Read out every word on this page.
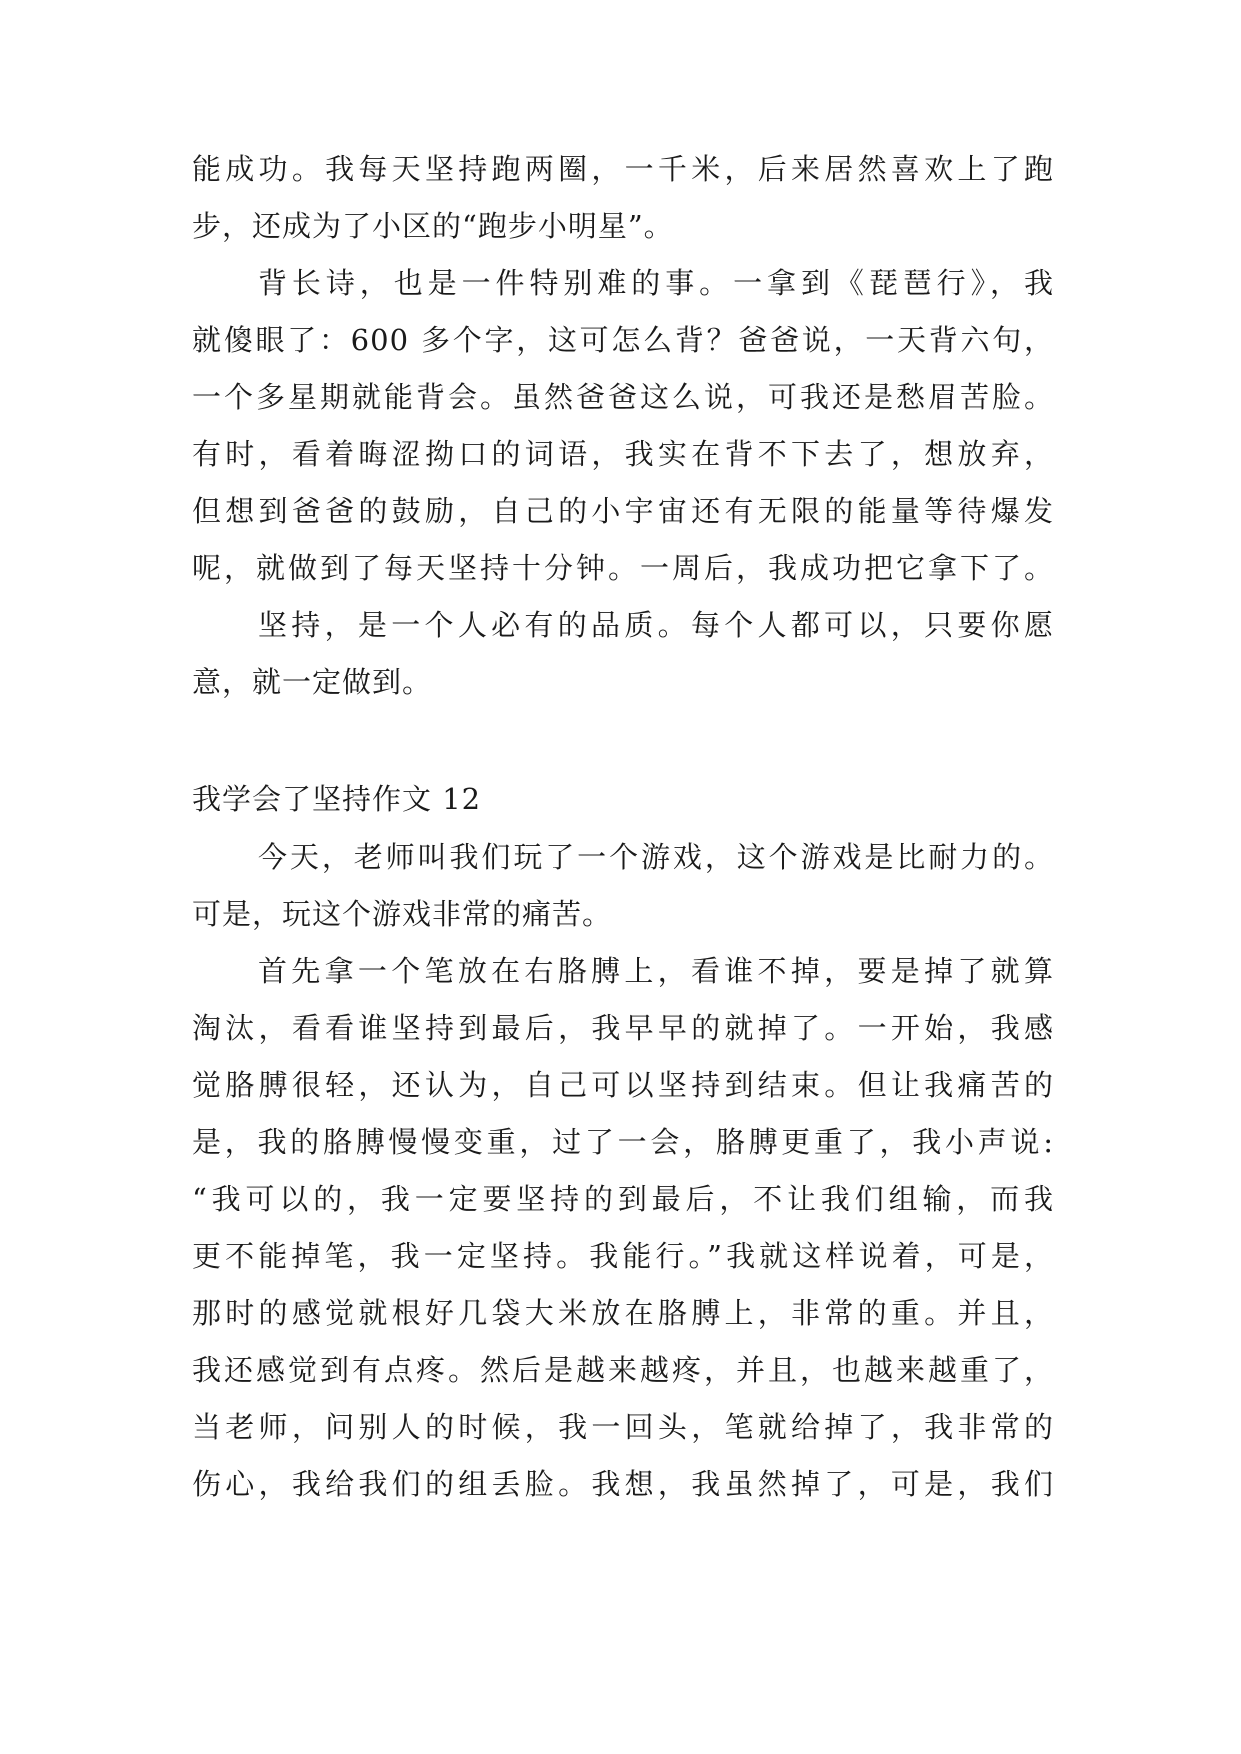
能成功。我每天坚持跑两圈，一千米，后来居然喜欢上了跑
步，还成为了小区的“跑步小明星”。
背长诗，也是一件特别难的事。一拿到《琵琶行》，我
就傻眼了：600 多个字，这可怎么背？爸爸说，一天背六句，
一个多星期就能背会。虽然爸爸这么说，可我还是愁眉苦脸。
有时，看着晦涩拗口的词语，我实在背不下去了，想放弃，
但想到爸爸的鼓励，自己的小宇宙还有无限的能量等待爆发
呢，就做到了每天坚持十分钟。一周后，我成功把它拿下了。
坚持，是一个人必有的品质。每个人都可以，只要你愿
意，就一定做到。
我学会了坚持作文 12
今天，老师叫我们玩了一个游戏，这个游戏是比耐力的。
可是，玩这个游戏非常的痛苦。
首先拿一个笔放在右胳膊上，看谁不掉，要是掉了就算
淘汰，看看谁坚持到最后，我早早的就掉了。一开始，我感
觉胳膊很轻，还认为，自己可以坚持到结束。但让我痛苦的
是，我的胳膊慢慢变重，过了一会，胳膊更重了，我小声说:
“我可以的，我一定要坚持的到最后，不让我们组输，而我
更不能掉笔，我一定坚持。我能行。”我就这样说着，可是，
那时的感觉就根好几袋大米放在胳膊上，非常的重。并且，
我还感觉到有点疼。然后是越来越疼，并且，也越来越重了，
当老师，问别人的时候，我一回头，笔就给掉了，我非常的
伤心，我给我们的组丢脸。我想，我虽然掉了，可是，我们
